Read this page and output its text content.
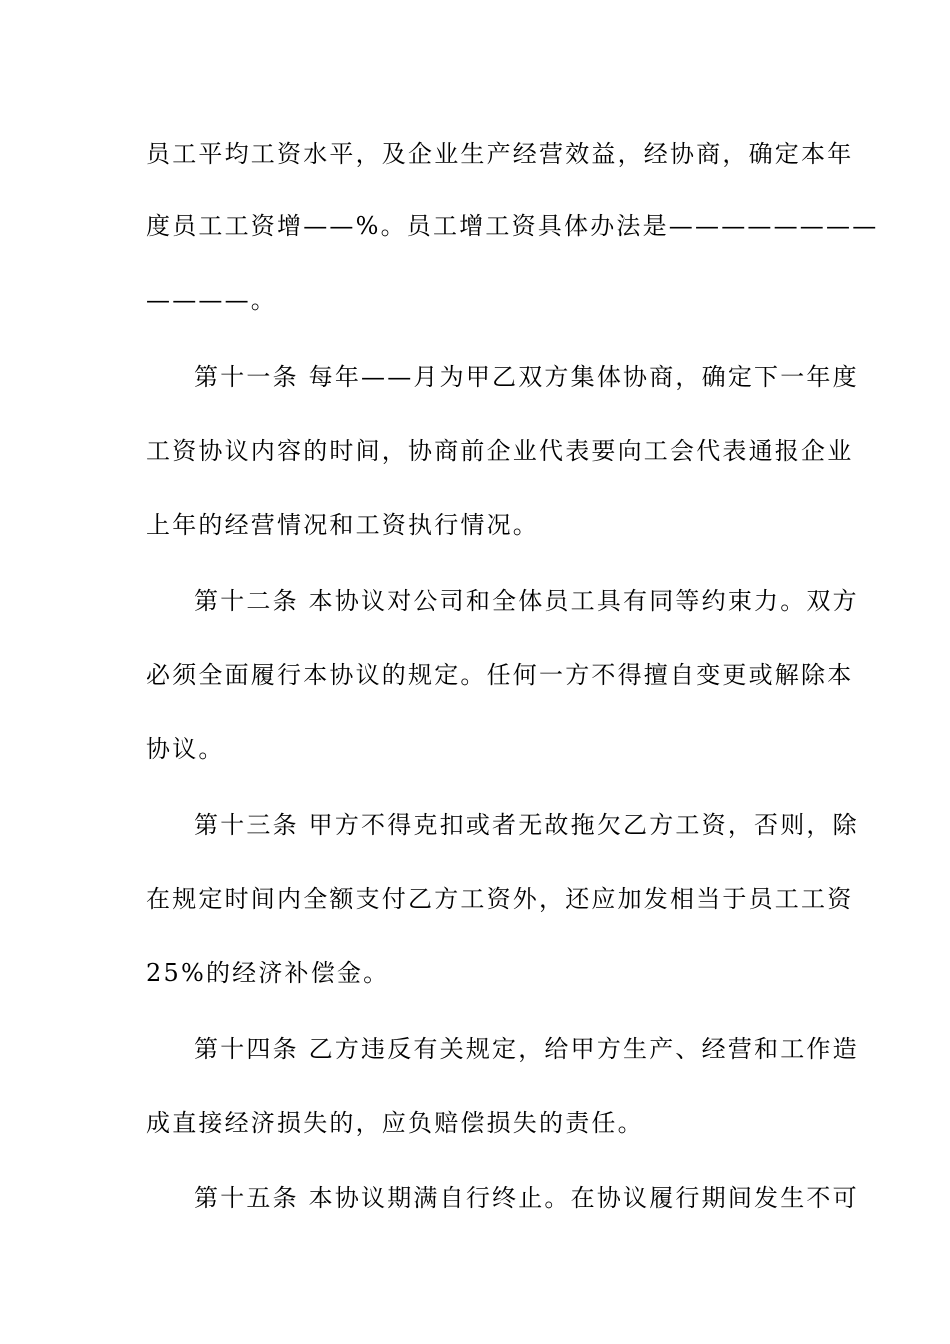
员工平均工资水平，及企业生产经营效益，经协商，确定本年
度员工工资增——%。员工增工资具体办法是————————
————。
第十一条 每年——月为甲乙双方集体协商，确定下一年度
工资协议内容的时间，协商前企业代表要向工会代表通报企业
上年的经营情况和工资执行情况。
第十二条 本协议对公司和全体员工具有同等约束力。双方
必须全面履行本协议的规定。任何一方不得擅自变更或解除本
协议。
第十三条 甲方不得克扣或者无故拖欠乙方工资，否则，除
在规定时间内全额支付乙方工资外，还应加发相当于员工工资
25%的经济补偿金。
第十四条 乙方违反有关规定，给甲方生产、经营和工作造
成直接经济损失的，应负赔偿损失的责任。
第十五条 本协议期满自行终止。在协议履行期间发生不可
